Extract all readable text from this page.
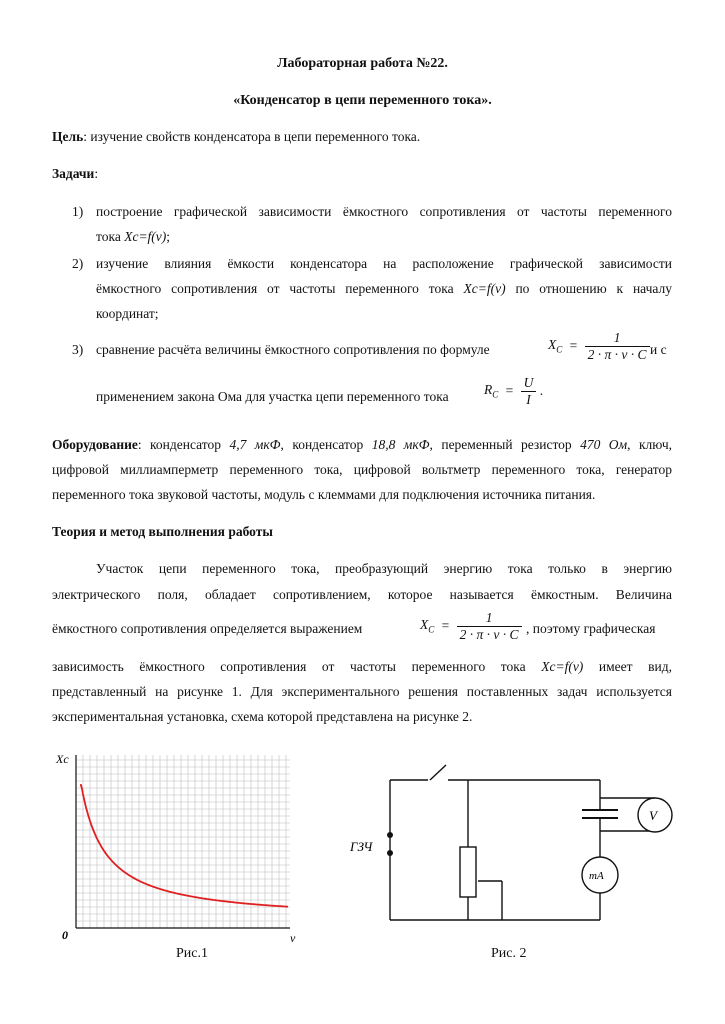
Лабораторная работа №22.
«Конденсатор в цепи переменного тока».
Цель: изучение свойств конденсатора в цепи переменного тока.
Задачи:
1) построение графической зависимости ёмкостного сопротивления от частоты переменного
тока Xc=f(ν);
2) изучение влияния ёмкости конденсатора на расположение графической зависимости
ёмкостного сопротивления от частоты переменного тока Xc=f(ν) по отношению к началу
координат;
3) сравнение расчёта величины ёмкостного сопротивления по формуле	$X_C = \frac{1}{2 \cdot \pi \cdot \nu \cdot C}$ и с
применением закона Ома для участка цепи переменного тока	$R_C = \frac{U}{I}$ .
Оборудование: конденсатор 4,7 мкФ, конденсатор 18,8 мкФ, переменный резистор 470 Ом, ключ,
цифровой миллиамперметр переменного тока, цифровой вольтметр переменного тока, генератор
переменного тока звуковой частоты, модуль с клеммами для подключения источника питания.
Теория и метод выполнения работы
Участок цепи переменного тока, преобразующий энергию тока только в энергию
электрического поля, обладает сопротивлением, которое называется ёмкостным. Величина
ёмкостного сопротивления определяется выражением	$X_C = \frac{1}{2 \cdot \pi \cdot \nu \cdot C}$ , поэтому графическая
зависимость ёмкостного сопротивления от частоты переменного тока Xc=f(ν) имеет вид,
представленный на рисунке 1. Для экспериментального решения поставленных задач используется
экспериментальная установка, схема которой представлена на рисунке 2.
Xc
0	ν
Рис.1
ГЗЧ
V
mA
Рис. 2
